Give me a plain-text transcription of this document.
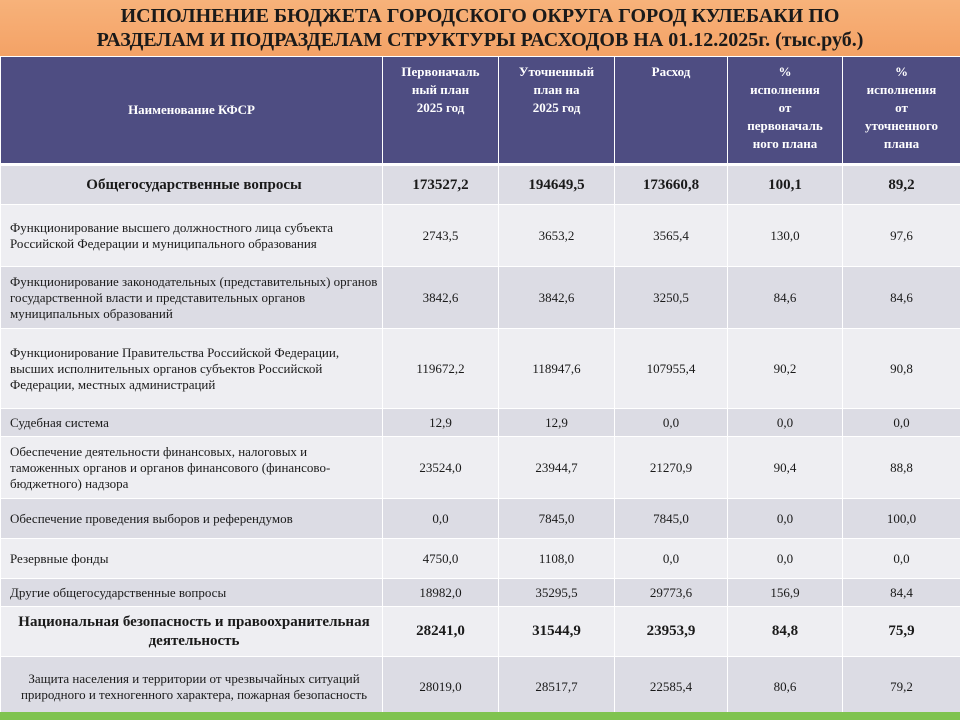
ИСПОЛНЕНИЕ БЮДЖЕТА ГОРОДСКОГО ОКРУГА ГОРОД КУЛЕБАКИ ПО
РАЗДЕЛАМ И ПОДРАЗДЕЛАМ СТРУКТУРЫ РАСХОДОВ НА 01.12.2025г. (тыс.руб.)
Наименование КФСР	Первоначаль
ный план
2025 год	Уточненный
план на
2025 год	Расход	%
исполнения
от
первоначаль
ного плана	%
исполнения
от
уточненного
плана
Общегосударственные вопросы	173527,2	194649,5	173660,8	100,1	89,2
Функционирование высшего должностного лица субъекта Российской Федерации и муниципального образования	2743,5	3653,2	3565,4	130,0	97,6
Функционирование законодательных (представительных) органов государственной власти и представительных органов муниципальных образований	3842,6	3842,6	3250,5	84,6	84,6
Функционирование Правительства Российской Федерации, высших исполнительных органов субъектов Российской Федерации, местных администраций	119672,2	118947,6	107955,4	90,2	90,8
Судебная система	12,9	12,9	0,0	0,0	0,0
Обеспечение деятельности финансовых, налоговых и таможенных органов и органов финансового (финансово-бюджетного) надзора	23524,0	23944,7	21270,9	90,4	88,8
Обеспечение проведения выборов и референдумов	0,0	7845,0	7845,0	0,0	100,0
Резервные фонды	4750,0	1108,0	0,0	0,0	0,0
Другие общегосударственные вопросы	18982,0	35295,5	29773,6	156,9	84,4
Национальная безопасность и правоохранительная деятельность	28241,0	31544,9	23953,9	84,8	75,9
Защита населения и территории от чрезвычайных ситуаций природного и техногенного характера, пожарная безопасность	28019,0	28517,7	22585,4	80,6	79,2
